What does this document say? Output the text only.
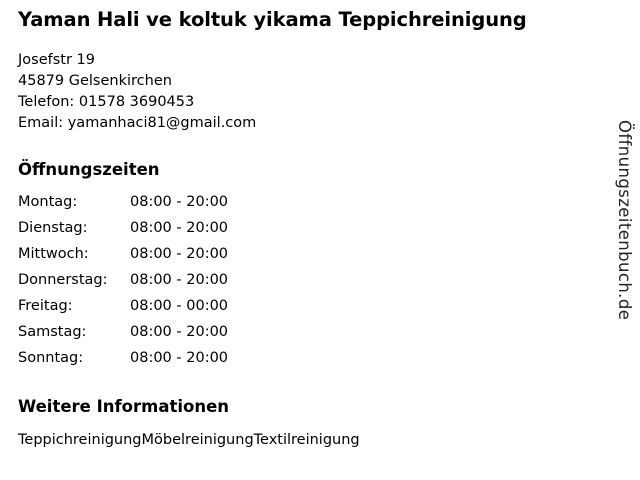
Yaman Hali ve koltuk yikama Teppichreinigung

Josefstr 19

45879 Gelsenkirchen

Telefon: 01578 3690453

Email: yamanhaci81@gmail.com

Öffnungszeiten
Montag:	08:00 - 20:00
Dienstag:	08:00 - 20:00
Mittwoch:	08:00 - 20:00
Donnerstag:	08:00 - 20:00
Freitag:	08:00 - 00:00
Samstag:	08:00 - 20:00
Sonntag:	08:00 - 20:00
Weitere Informationen

TeppichreinigungMöbelreinigungTextilreinigung

Öffnungszeitenbuch.de
